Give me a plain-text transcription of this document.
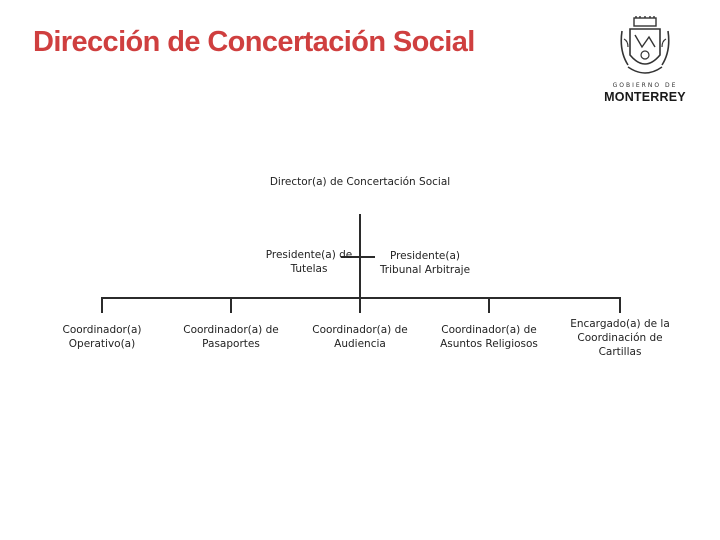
Dirección de Concertación Social
GOBIERNO DE
MONTERREY
Director(a) de Concertación Social
Presidente(a) de Tutelas
Presidente(a) Tribunal Arbitraje
Coordinador(a) Operativo(a)
Coordinador(a) de Pasaportes
Coordinador(a) de Audiencia
Coordinador(a) de Asuntos Religiosos
Encargado(a) de la Coordinación de Cartillas
